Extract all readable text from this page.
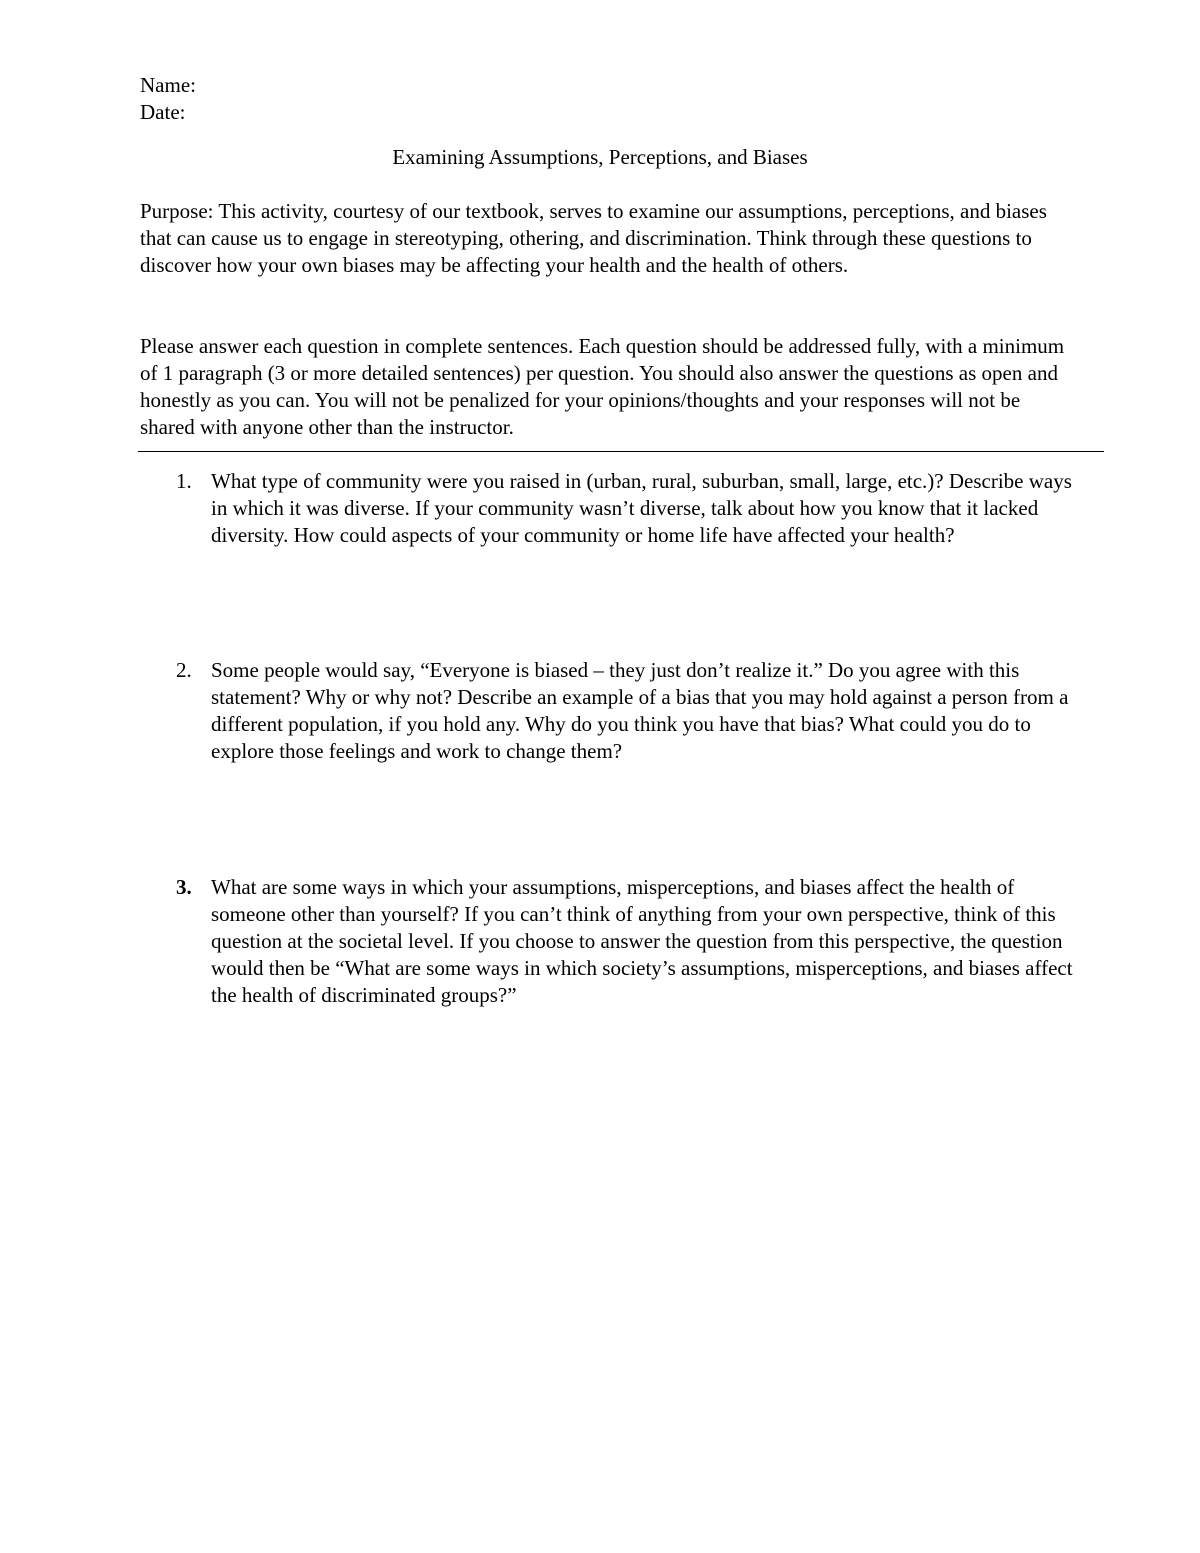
Name:

Date:

Examining Assumptions, Perceptions, and Biases

Purpose: This activity, courtesy of our textbook, serves to examine our assumptions, perceptions, and biases that can cause us to engage in stereotyping, othering, and discrimination. Think through these questions to discover how your own biases may be affecting your health and the health of others.

Please answer each question in complete sentences. Each question should be addressed fully, with a minimum of 1 paragraph (3 or more detailed sentences) per question. You should also answer the questions as open and honestly as you can. You will not be penalized for your opinions/thoughts and your responses will not be shared with anyone other than the instructor.

1. What type of community were you raised in (urban, rural, suburban, small, large, etc.)? Describe ways in which it was diverse. If your community wasn’t diverse, talk about how you know that it lacked diversity. How could aspects of your community or home life have affected your health?

2. Some people would say, “Everyone is biased – they just don’t realize it.” Do you agree with this statement? Why or why not? Describe an example of a bias that you may hold against a person from a different population, if you hold any. Why do you think you have that bias? What could you do to explore those feelings and work to change them?

3. What are some ways in which your assumptions, misperceptions, and biases affect the health of someone other than yourself? If you can’t think of anything from your own perspective, think of this question at the societal level. If you choose to answer the question from this perspective, the question would then be “What are some ways in which society’s assumptions, misperceptions, and biases affect the health of discriminated groups?”
